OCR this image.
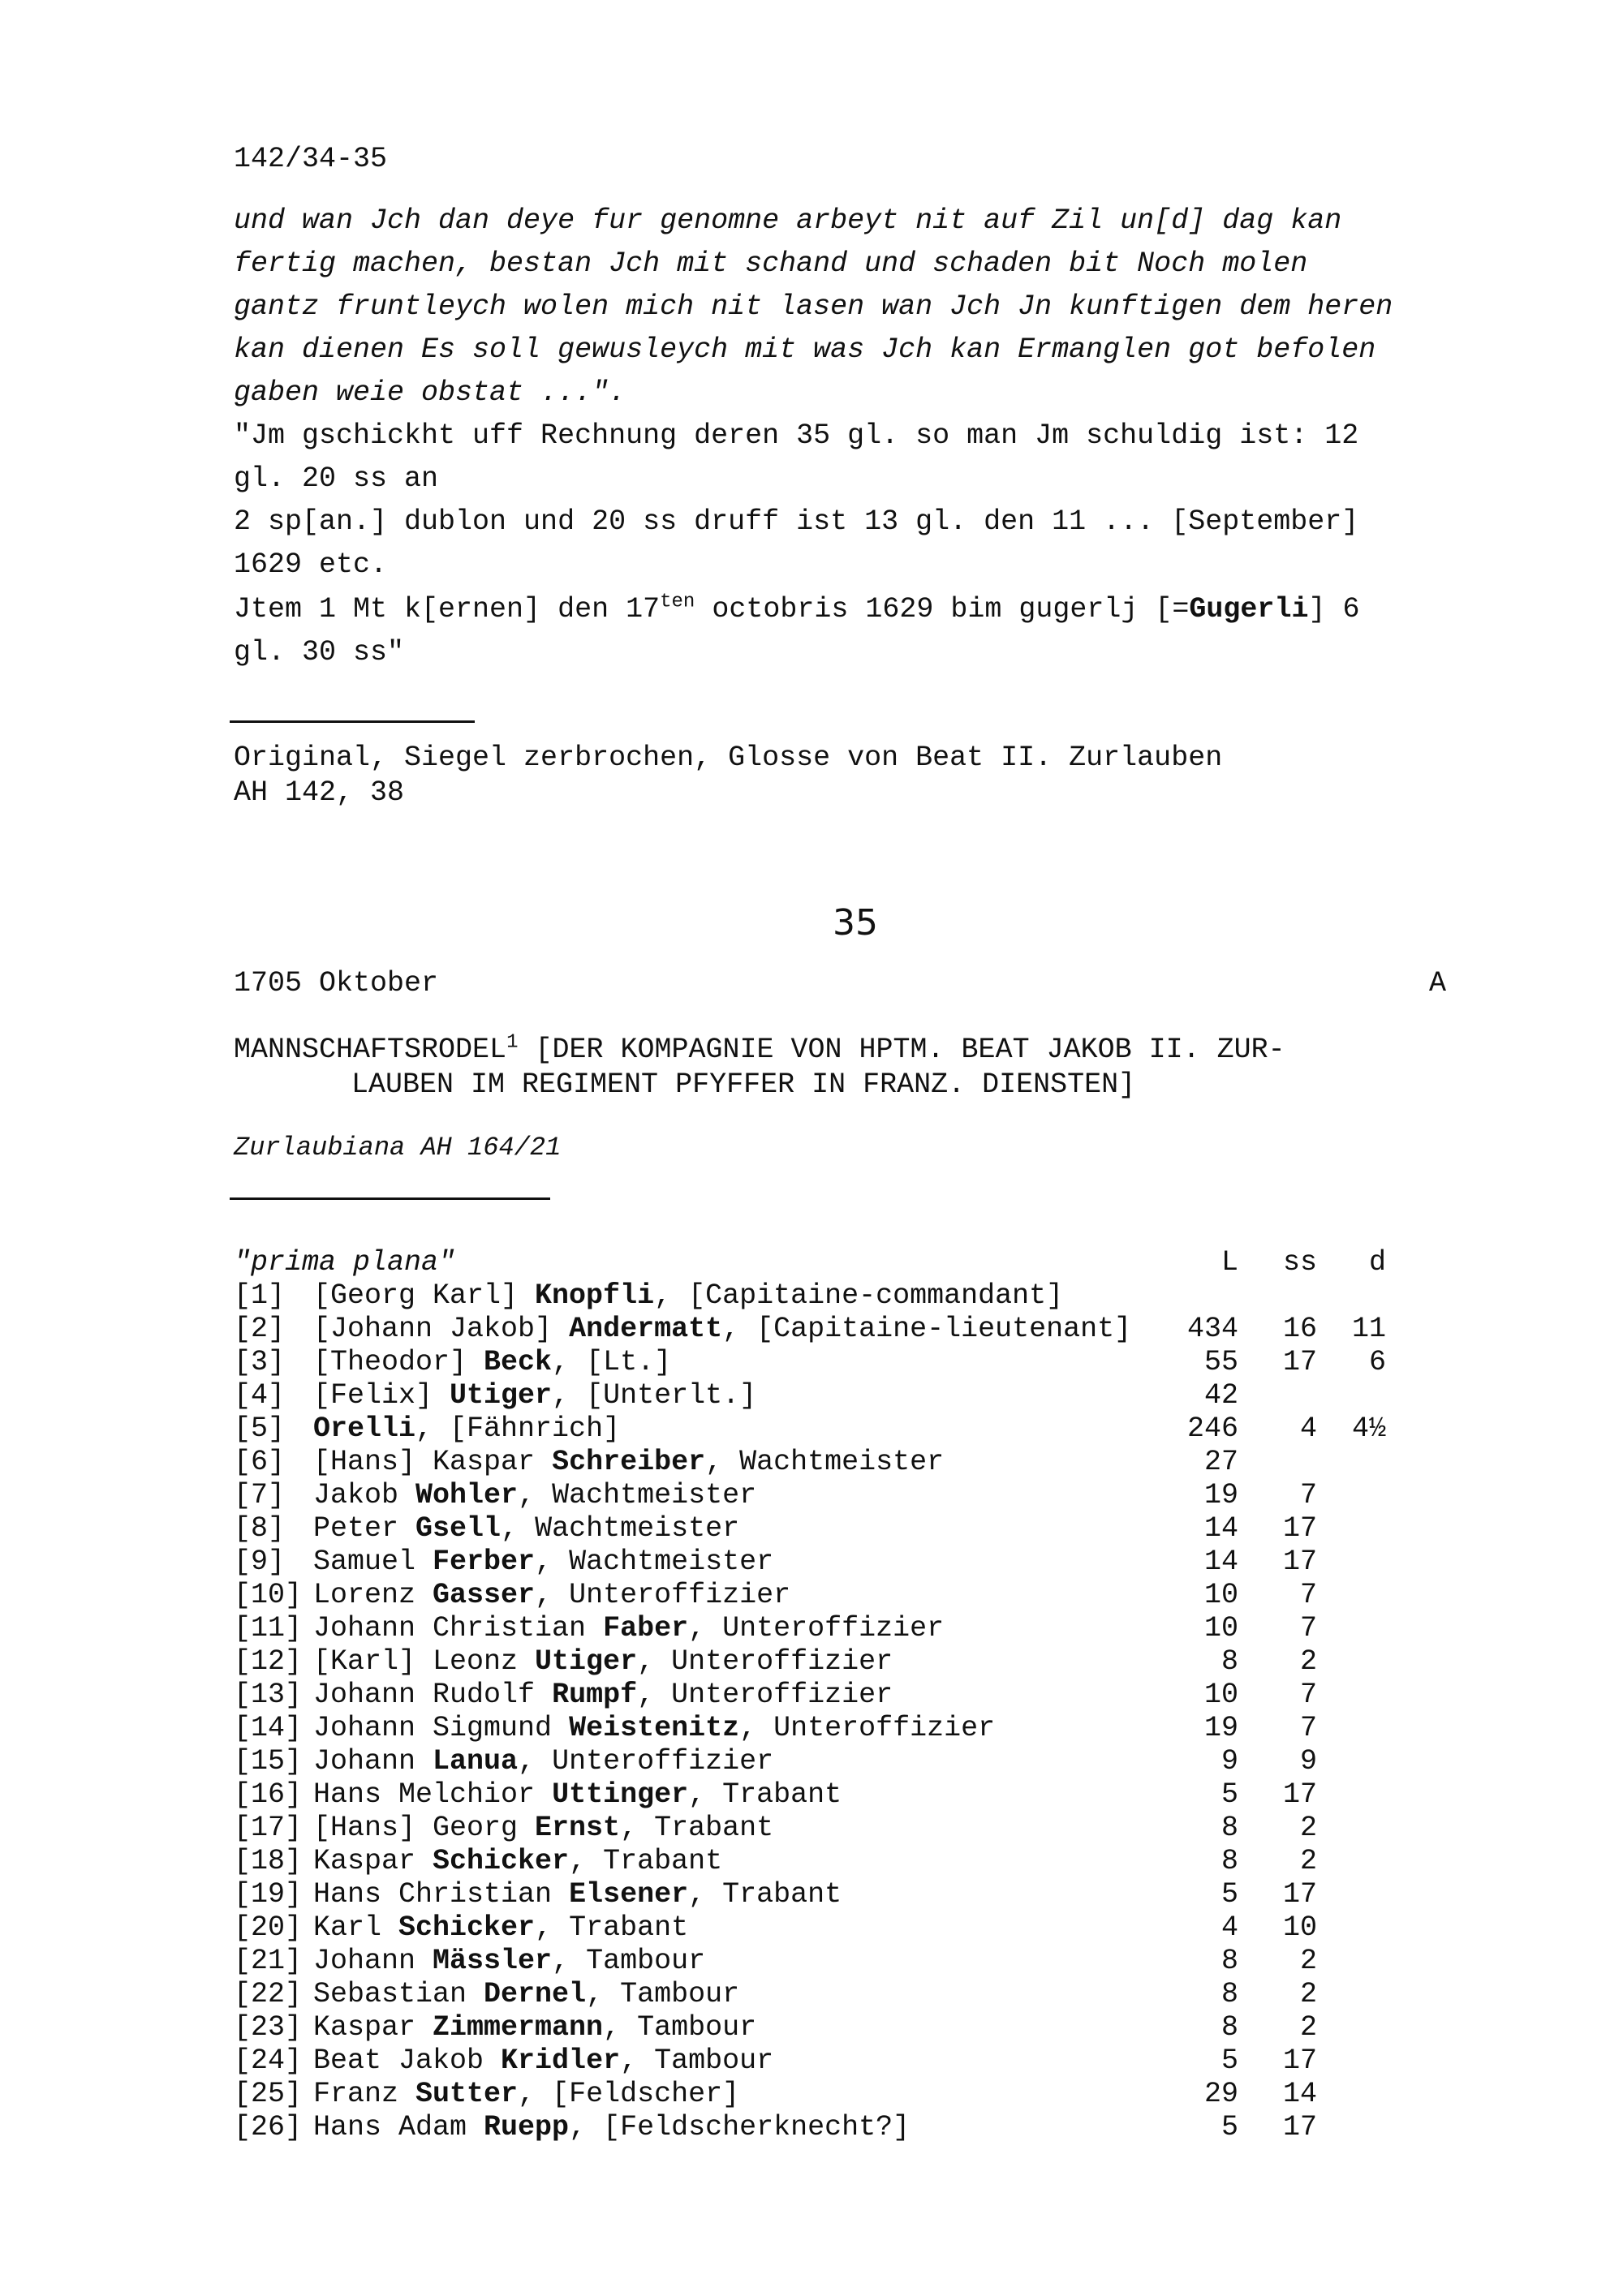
142/34-35
und wan Jch dan deye fur genomne arbeyt nit auf Zil un[d] dag kan
fertig machen, bestan Jch mit schand und schaden bit Noch molen
gantz fruntleych wolen mich nit lasen wan Jch Jn kunftigen dem heren
kan dienen Es soll gewusleych mit was Jch kan Ermanglen got befolen
gaben weie obstat ...".
"Jm gschickht uff Rechnung deren 35 gl. so man Jm schuldig ist: 12
gl. 20 ss an
2 sp[an.] dublon und 20 ss druff ist 13 gl. den 11 ... [September]
1629 etc.
Jtem 1 Mt k[ernen] den $17^{ten}$ octobris 1629 bim gugerlj [=Gugerli] 6
gl. 30 ss"
Original, Siegel zerbrochen, Glosse von Beat II. Zurlauben
AH 142, 38
35
1705 Oktober	A
MANNSCHAFTSRODEL$^1$ [DER KOMPAGNIE VON HPTM. BEAT JAKOB II. ZUR-
LAUBEN IM REGIMENT PFYFFER IN FRANZ. DIENSTEN]
Zurlaubiana AH 164/21
"prima plana"	L ss d
[1] [Georg Karl] Knopfli, [Capitaine-commandant]
[2] [Johann Jakob] Andermatt, [Capitaine-lieutenant] 434 16 11
[3] [Theodor] Beck, [Lt.]	55 17 6
[4] [Felix] Utiger, [Unterlt.]	42
[5] Orelli, [Fähnrich]	246 4 4½
[6] [Hans] Kaspar Schreiber, Wachtmeister	27
[7] Jakob Wohler, Wachtmeister	19 7
[8] Peter Gsell, Wachtmeister	14 17
[9] Samuel Ferber, Wachtmeister	14 17
[10] Lorenz Gasser, Unteroffizier	10 7
[11] Johann Christian Faber, Unteroffizier	10 7
[12] [Karl] Leonz Utiger, Unteroffizier	8 2
[13] Johann Rudolf Rumpf, Unteroffizier	10 7
[14] Johann Sigmund Weistenitz, Unteroffizier	19 7
[15] Johann Lanua, Unteroffizier	9 9
[16] Hans Melchior Uttinger, Trabant	5 17
[17] [Hans] Georg Ernst, Trabant	8 2
[18] Kaspar Schicker, Trabant	8 2
[19] Hans Christian Elsener, Trabant	5 17
[20] Karl Schicker, Trabant	4 10
[21] Johann Mässler, Tambour	8 2
[22] Sebastian Dernel, Tambour	8 2
[23] Kaspar Zimmermann, Tambour	8 2
[24] Beat Jakob Kridler, Tambour	5 17
[25] Franz Sutter, [Feldscher]	29 14
[26] Hans Adam Ruepp, [Feldscherknecht?]	5 17
